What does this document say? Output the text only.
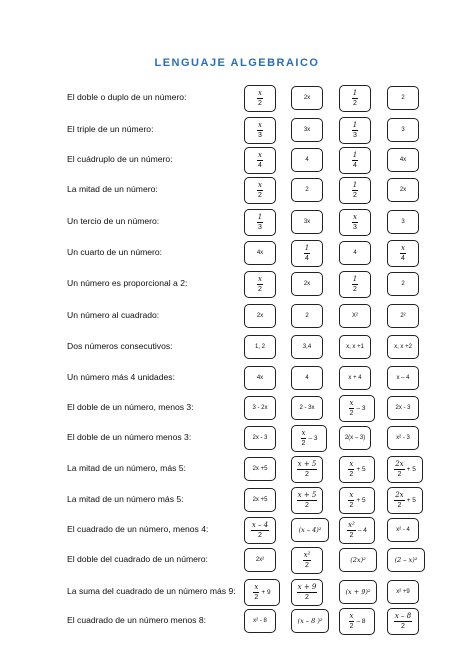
LENGUAJE ALGEBRAICO
El doble o duplo de un número:	$\frac{x}{2}$	2x	$\frac{1}{2}$	2
El triple de un número:	$\frac{x}{3}$	3x	$\frac{1}{3}$	3
El cuádruplo de un número:	$\frac{x}{4}$	4	$\frac{1}{4}$	4x
La mitad de un número:	$\frac{x}{2}$	2	$\frac{1}{2}$	2x
Un tercio de un número:	$\frac{1}{3}$	3x	$\frac{x}{3}$	3
Un cuarto de un número:	4x	$\frac{1}{4}$	4	$\frac{x}{4}$
Un número es proporcional a 2:	$\frac{x}{2}$	2x	$\frac{1}{2}$	2
Un número al cuadrado:	2x	2	X²	2²
Dos números consecutivos:	1, 2	3,4	x, x +1	x, x +2
Un número más 4 unidades:	4x	4	x + 4	x – 4
El doble de un número, menos 3:	3 - 2x	2 - 3x	$\frac{x}{2} - 3$	2x - 3
El doble de un número menos 3:	2x - 3	$\frac{x}{2} - 3$	2(x – 3)	x² - 3
La mitad de un número, más 5:	2x +5	$\frac{x + 5}{2}$	$\frac{x}{2} + 5$	$\frac{2x}{2} + 5$
La mitad de un número más 5:	2x +5	$\frac{x + 5}{2}$	$\frac{x}{2} + 5$	$\frac{2x}{2} + 5$
El cuadrado de un número, menos 4:	$\frac{x - 4}{2}$	(x – 4)²	$\frac{\text{x²}}{2} - 4$	x² - 4
El doble del cuadrado de un número:	2x²	$\frac{\text{x²}}{2}$	(2x)²	(2 – x)²
La suma del cuadrado de un número más 9:	$\frac{x}{2} + 9$	$\frac{x + 9}{2}$	(x + 9)²	x² +9
El cuadrado de un número menos 8:	x² - 8	(x – 8 )²	$\frac{x}{2} - 8$	$\frac{x - 8}{2}$
